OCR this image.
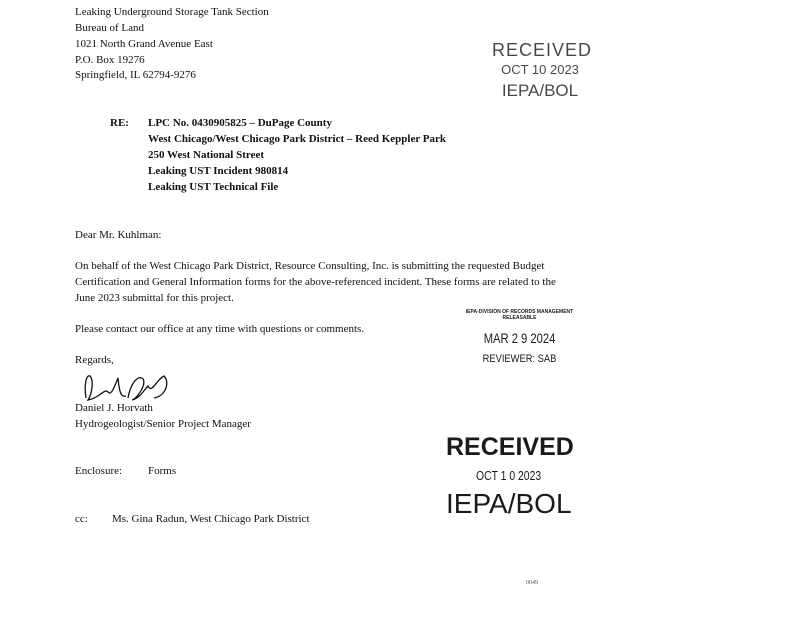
Leaking Underground Storage Tank Section
Bureau of Land
1021 North Grand Avenue East
P.O. Box 19276
Springfield, IL 62794-9276
RECEIVED
OCT 10 2023
IEPA/BOL
RE: LPC No. 0430905825 – DuPage County
West Chicago/West Chicago Park District – Reed Keppler Park
250 West National Street
Leaking UST Incident 980814
Leaking UST Technical File
Dear Mr. Kuhlman:
On behalf of the West Chicago Park District, Resource Consulting, Inc. is submitting the requested Budget Certification and General Information forms for the above-referenced incident. These forms are related to the June 2023 submittal for this project.
Please contact our office at any time with questions or comments.
IEPA-DIVISION OF RECORDS MANAGEMENT
RELEASABLE
MAR 2 9 2024
REVIEWER: SAB
Regards,
Daniel J. Horvath
Hydrogeologist/Senior Project Manager
RECEIVED
OCT 1 0 2023
IEPA/BOL
Enclosure: Forms
cc: Ms. Gina Radun, West Chicago Park District
0049
